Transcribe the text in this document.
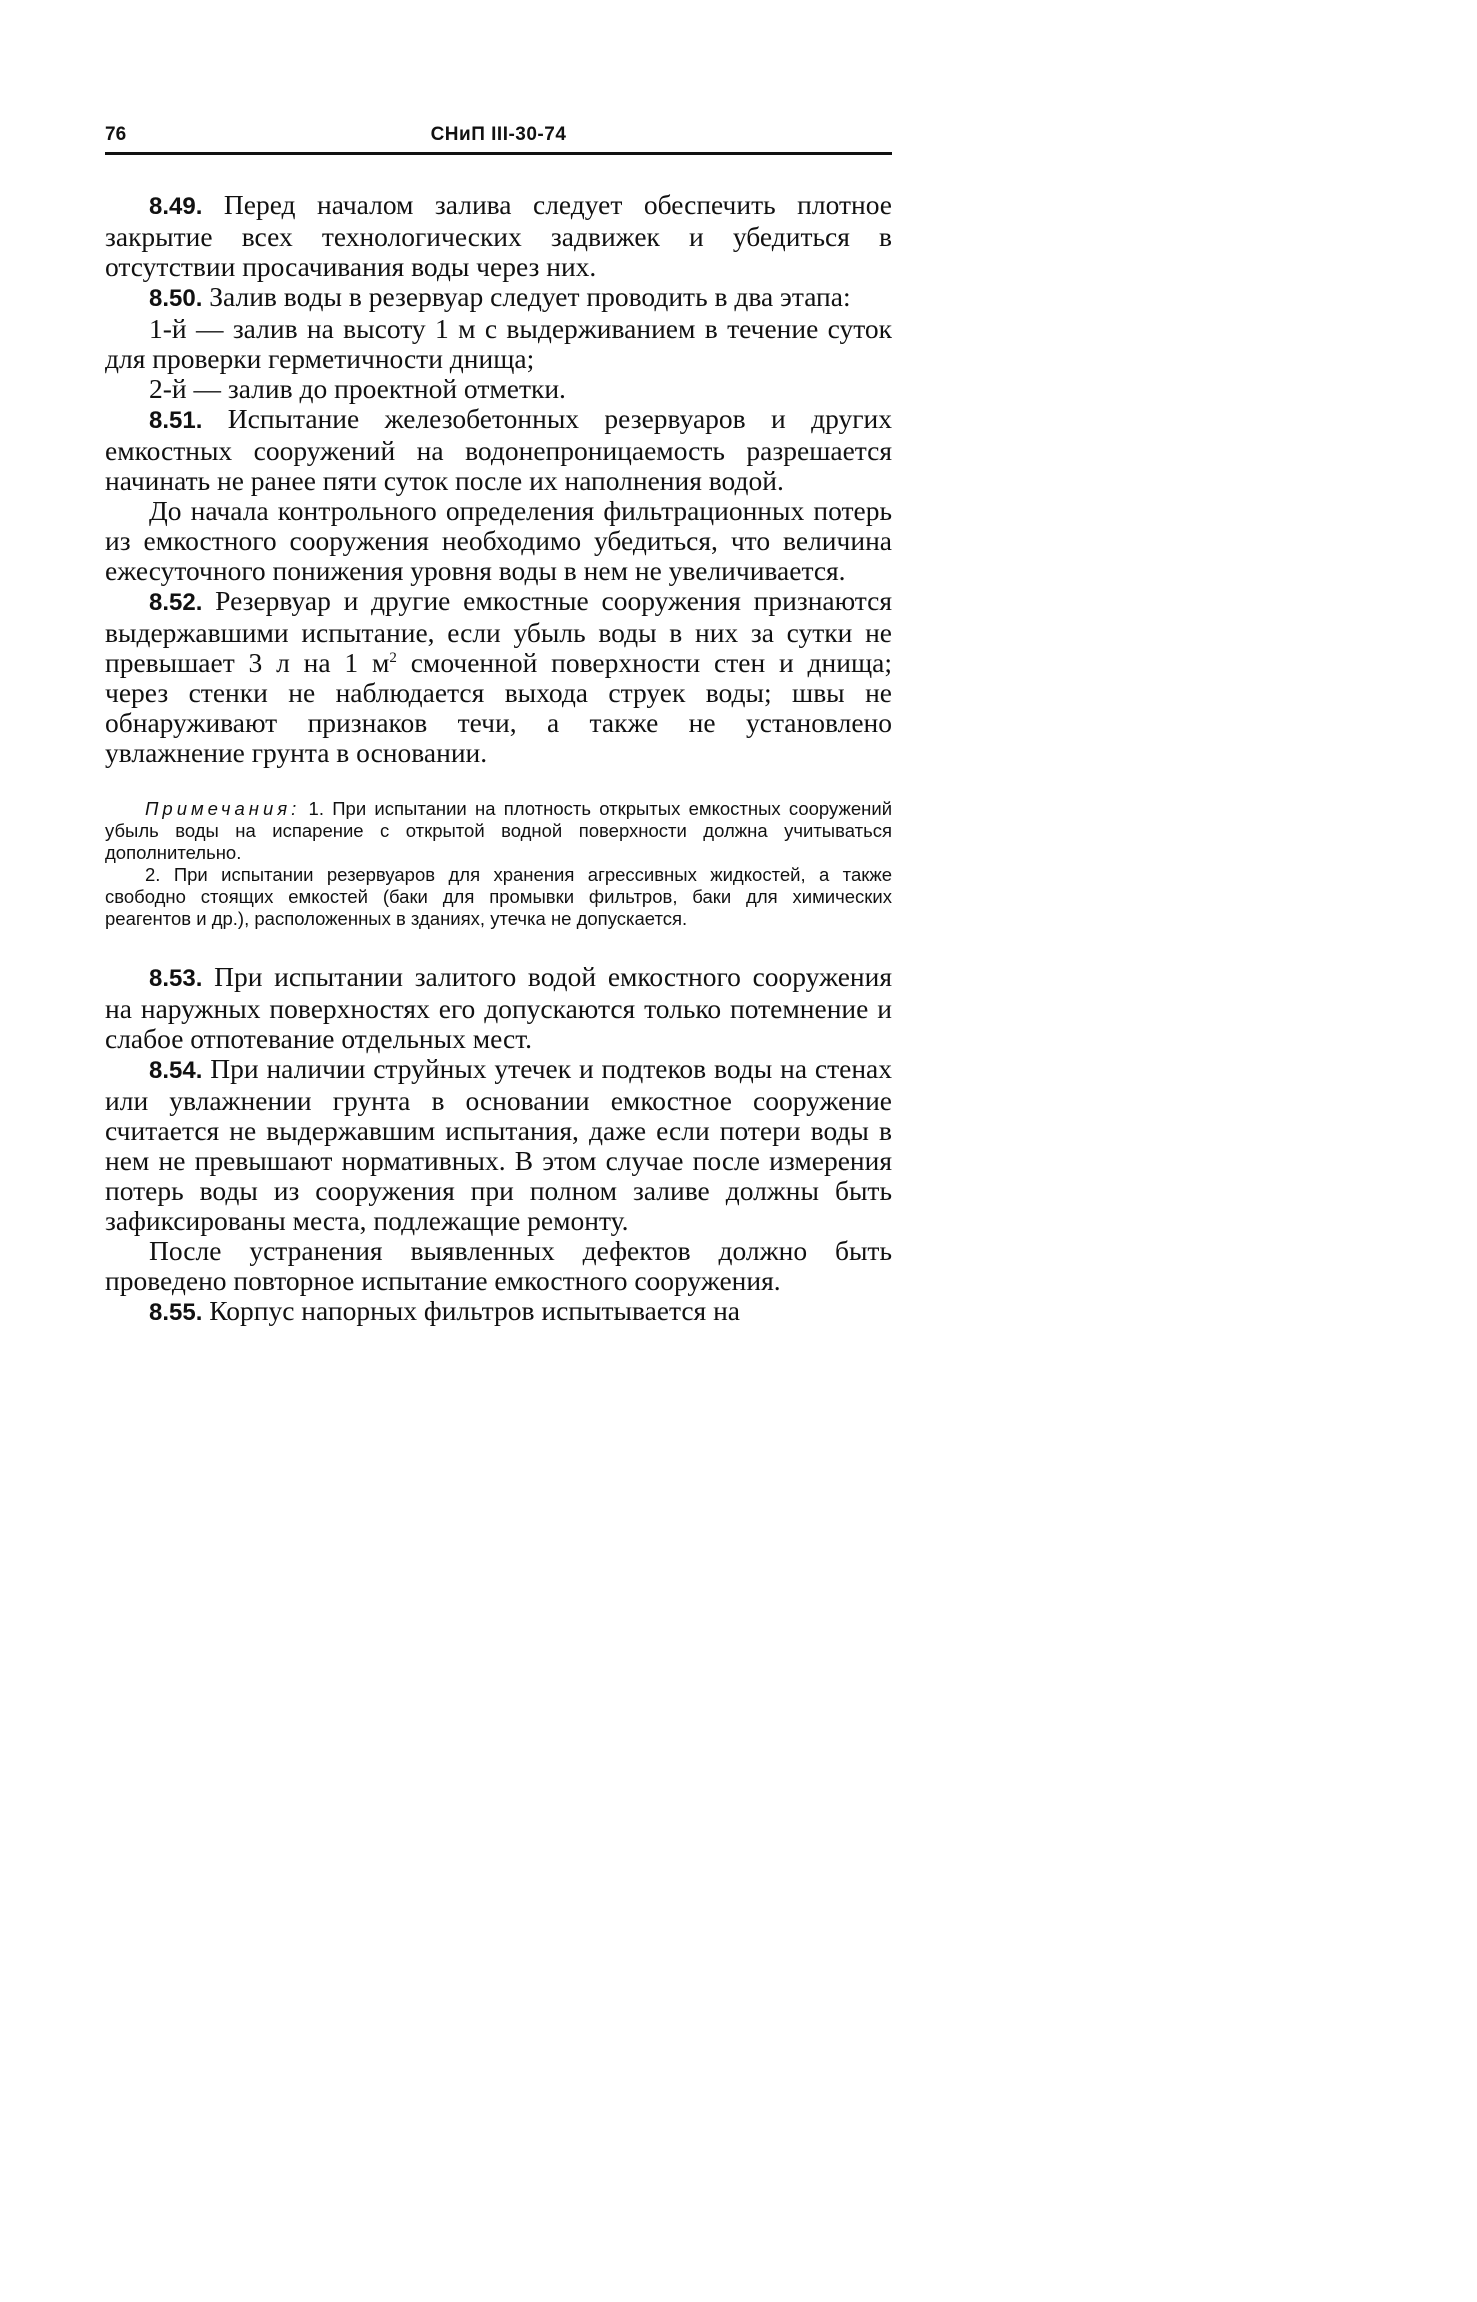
76	СНиП III-30-74

8.49. Перед началом залива следует обеспечить плотное закрытие всех технологических задвижек и убедиться в отсутствии просачивания воды через них.

8.50. Залив воды в резервуар следует проводить в два этапа:

1-й — залив на высоту 1 м с выдерживанием в течение суток для проверки герметичности днища;

2-й — залив до проектной отметки.

8.51. Испытание железобетонных резервуаров и других емкостных сооружений на водонепроницаемость разрешается начинать не ранее пяти суток после их наполнения водой.

До начала контрольного определения фильтрационных потерь из емкостного сооружения необходимо убедиться, что величина ежесуточного понижения уровня воды в нем не увеличивается.

8.52. Резервуар и другие емкостные сооружения признаются выдержавшими испытание, если убыль воды в них за сутки не превышает 3 л на 1 $м^2$ смоченной поверхности стен и днища; через стенки не наблюдается выхода струек воды; швы не обнаруживают признаков течи, а также не установлено увлажнение грунта в основании.

Примечания: 1. При испытании на плотность открытых емкостных сооружений убыль воды на испарение с открытой водной поверхности должна учитываться дополнительно.

2. При испытании резервуаров для хранения агрессивных жидкостей, а также свободно стоящих емкостей (баки для промывки фильтров, баки для химических реагентов и др.), расположенных в зданиях, утечка не допускается.

8.53. При испытании залитого водой емкостного сооружения на наружных поверхностях его допускаются только потемнение и слабое отпотевание отдельных мест.

8.54. При наличии струйных утечек и подтеков воды на стенах или увлажнении грунта в основании емкостное сооружение считается не выдержавшим испытания, даже если потери воды в нем не превышают нормативных. В этом случае после измерения потерь воды из сооружения при полном заливе должны быть зафиксированы места, подлежащие ремонту.

После устранения выявленных дефектов должно быть проведено повторное испытание емкостного сооружения.

8.55. Корпус напорных фильтров испытывается на
